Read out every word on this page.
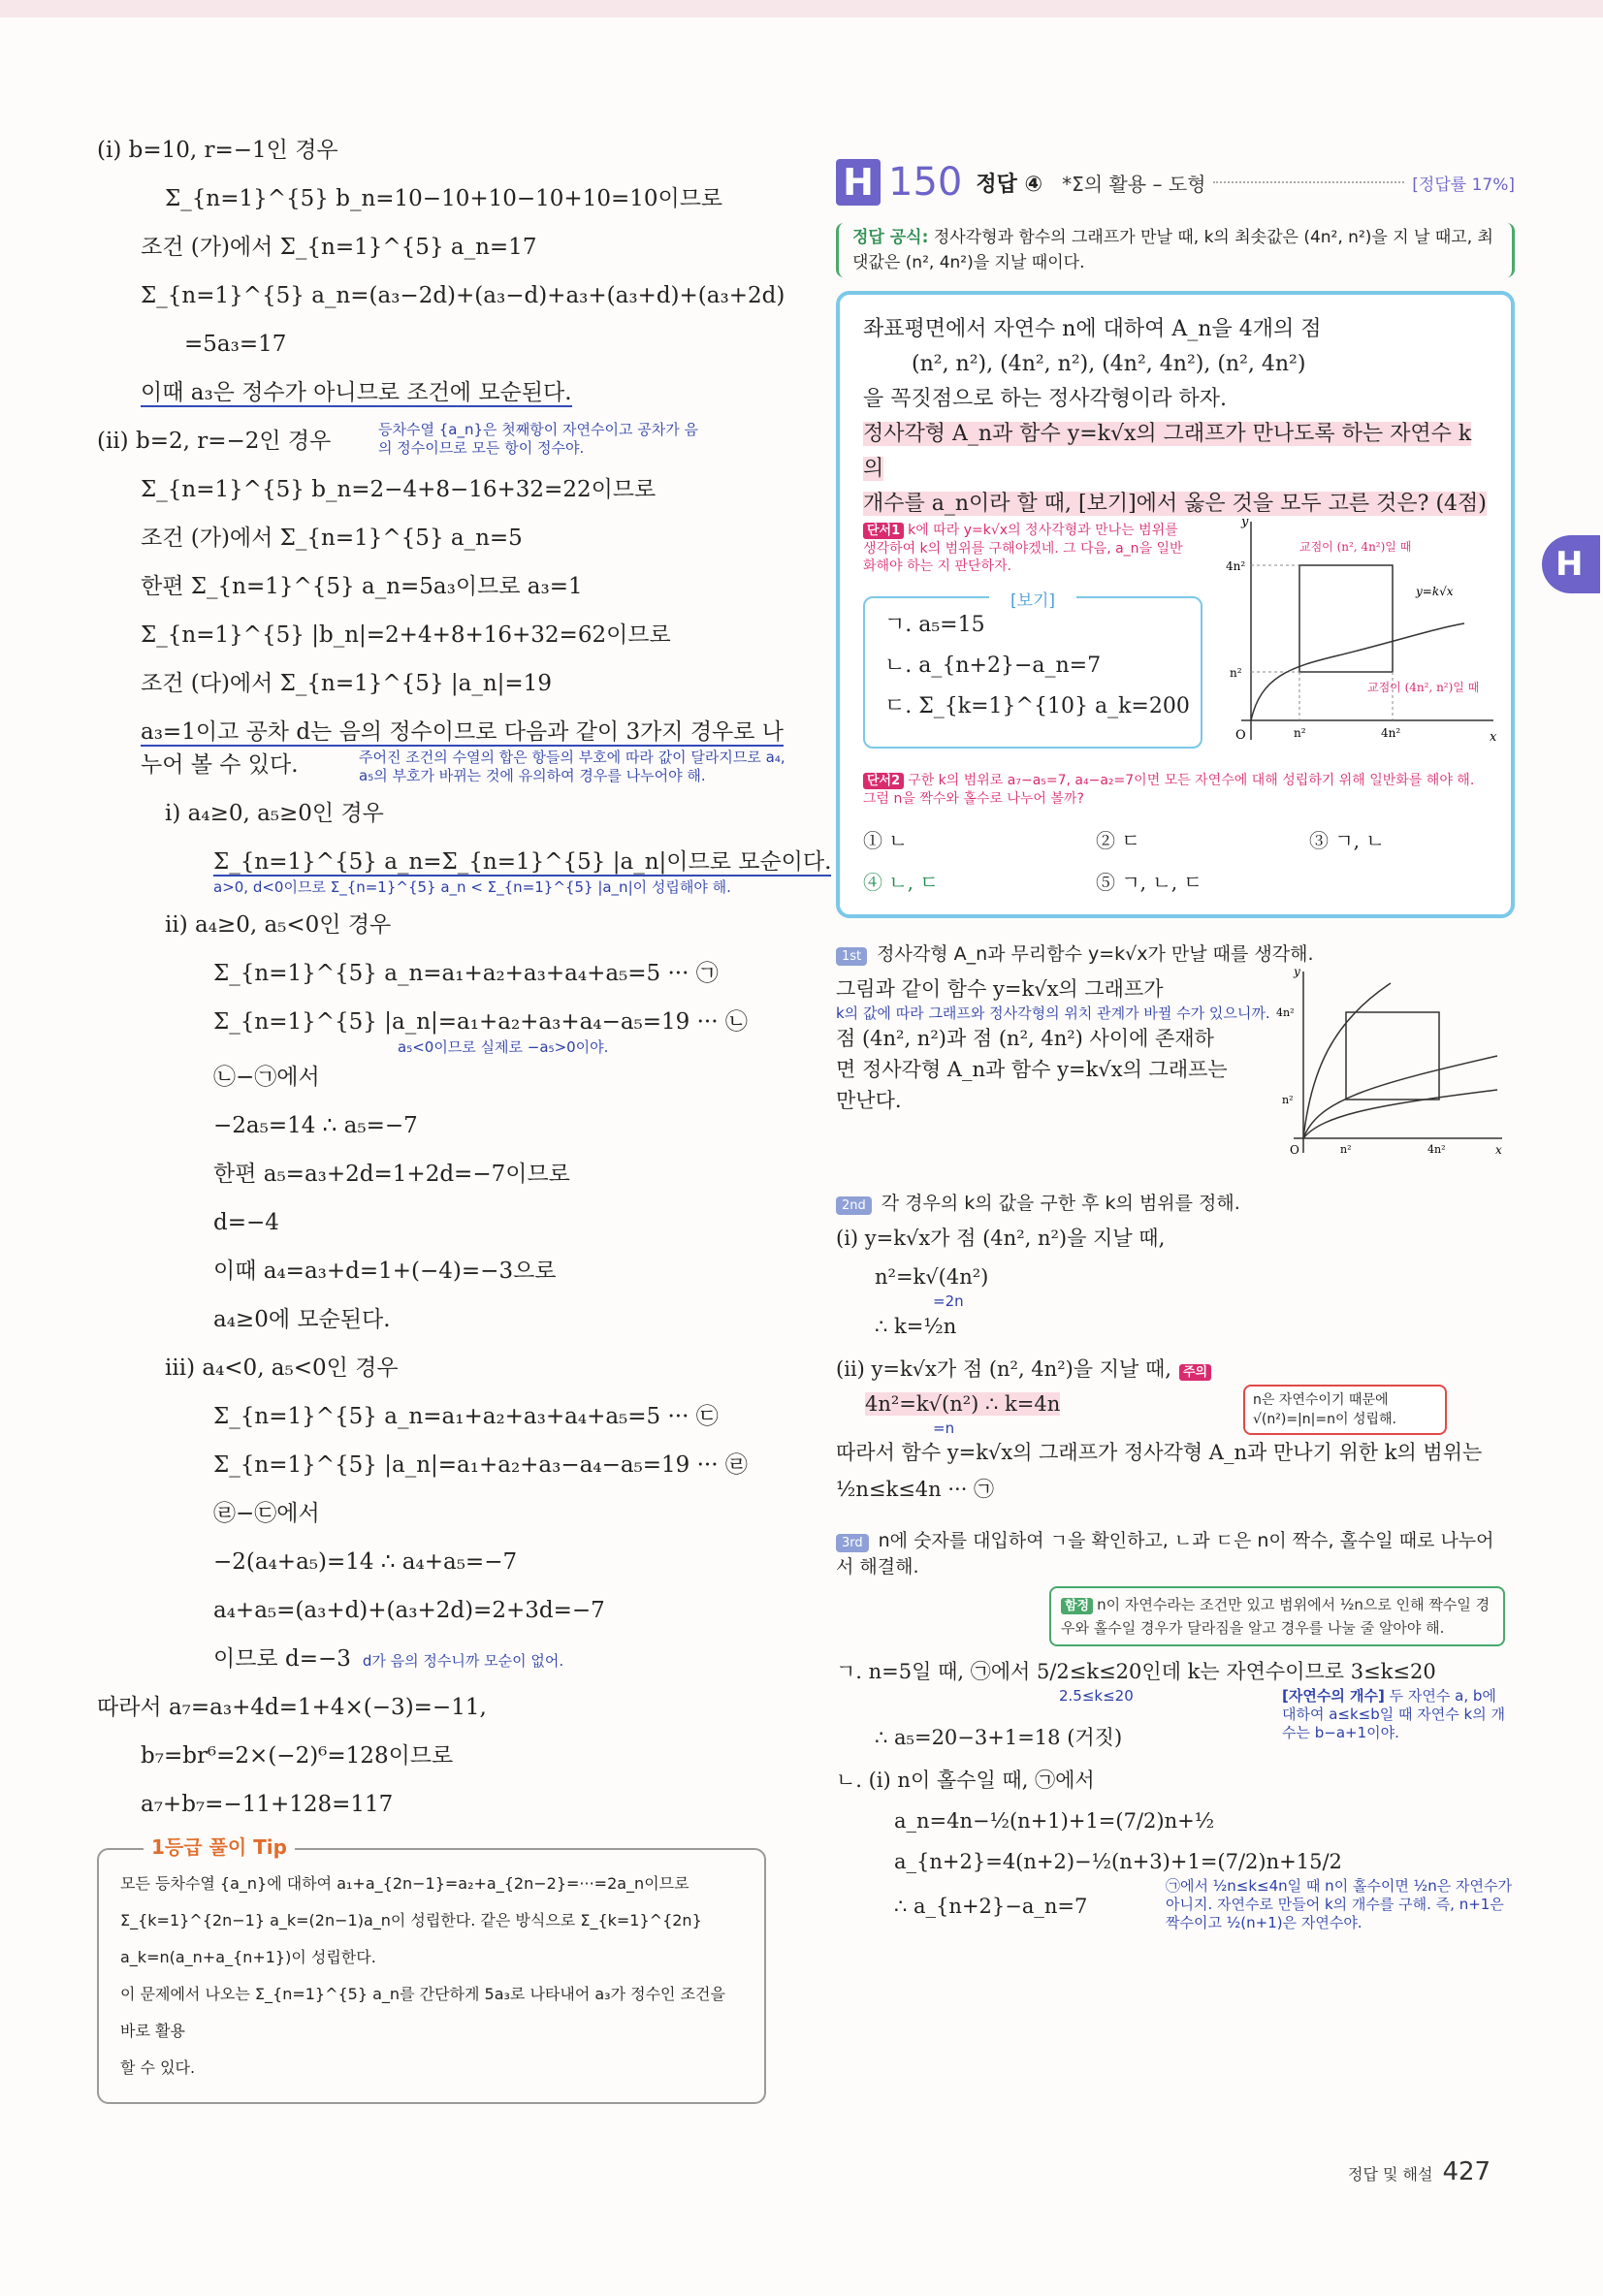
(ⅰ) b=10, r=−1인 경우
Σ_{n=1}^{5} b_n=10−10+10−10+10=10이므로
조건 (가)에서 Σ_{n=1}^{5} a_n=17
Σ_{n=1}^{5} a_n=(a₃−2d)+(a₃−d)+a₃+(a₃+d)+(a₃+2d)
=5a₃=17
이때 a₃은 정수가 아니므로 조건에 모순된다.
(ⅱ) b=2, r=−2인 경우	등차수열 {a_n}은 첫째항이 자연수이고 공차가 음의 정수이므로 모든 항이 정수야.
Σ_{n=1}^{5} b_n=2−4+8−16+32=22이므로
조건 (가)에서 Σ_{n=1}^{5} a_n=5
한편 Σ_{n=1}^{5} a_n=5a₃이므로 a₃=1
Σ_{n=1}^{5} |b_n|=2+4+8+16+32=62이므로
조건 (다)에서 Σ_{n=1}^{5} |a_n|=19
a₃=1이고 공차 d는 음의 정수이므로 다음과 같이 3가지 경우로 나
누어 볼 수 있다.	주어진 조건의 수열의 합은 항들의 부호에 따라 값이 달라지므로 a₄, a₅의 부호가 바뀌는 것에 유의하여 경우를 나누어야 해.
ⅰ) a₄≥0, a₅≥0인 경우
Σ_{n=1}^{5} a_n=Σ_{n=1}^{5} |a_n|이므로 모순이다.
a>0, d<0이므로 Σ_{n=1}^{5} a_n < Σ_{n=1}^{5} |a_n|이 성립해야 해.
ⅱ) a₄≥0, a₅<0인 경우
Σ_{n=1}^{5} a_n=a₁+a₂+a₃+a₄+a₅=5 ··· ㉠
Σ_{n=1}^{5} |a_n|=a₁+a₂+a₃+a₄−a₅=19 ··· ㉡
a₅<0이므로 실제로 −a₅>0이야.
㉡−㉠에서
−2a₅=14 ∴ a₅=−7
한편 a₅=a₃+2d=1+2d=−7이므로
d=−4
이때 a₄=a₃+d=1+(−4)=−3으로
a₄≥0에 모순된다.
ⅲ) a₄<0, a₅<0인 경우
Σ_{n=1}^{5} a_n=a₁+a₂+a₃+a₄+a₅=5 ··· ㉢
Σ_{n=1}^{5} |a_n|=a₁+a₂+a₃−a₄−a₅=19 ··· ㉣
㉣−㉢에서
−2(a₄+a₅)=14 ∴ a₄+a₅=−7
a₄+a₅=(a₃+d)+(a₃+2d)=2+3d=−7
이므로 d=−3 d가 음의 정수니까 모순이 없어.
따라서 a₇=a₃+4d=1+4×(−3)=−11,
b₇=br⁶=2×(−2)⁶=128이므로
a₇+b₇=−11+128=117
1등급 풀이 Tip
모든 등차수열 {a_n}에 대하여 a₁+a_{2n−1}=a₂+a_{2n−2}=···=2a_n이므로
Σ_{k=1}^{2n−1} a_k=(2n−1)a_n이 성립한다. 같은 방식으로 Σ_{k=1}^{2n} a_k=n(a_n+a_{n+1})이 성립한다.
이 문제에서 나오는 Σ_{n=1}^{5} a_n를 간단하게 5a₃로 나타내어 a₃가 정수인 조건을 바로 활용
할 수 있다.
H 150 정답 ④ *Σ의 활용 – 도형	[정답률 17%]
정답 공식: 정사각형과 함수의 그래프가 만날 때, k의 최솟값은 (4n², n²)을 지 날 때고, 최댓값은 (n², 4n²)을 지날 때이다.
좌표평면에서 자연수 n에 대하여 A_n을 4개의 점
(n², n²), (4n², n²), (4n², 4n²), (n², 4n²)
을 꼭짓점으로 하는 정사각형이라 하자.
정사각형 A_n과 함수 y=k√x의 그래프가 만나도록 하는 자연수 k의
개수를 a_n이라 할 때, [보기]에서 옳은 것을 모두 고른 것은? (4점)
단서1 k에 따라 y=k√x의 정사각형과 만나는 범위를 생각하여 k의 범위를 구해야겠네. 그 다음, a_n을 일반화해야 하는 지 판단하자.
[보기]
ㄱ. a₅=15
ㄴ. a_{n+2}−a_n=7
ㄷ. Σ_{k=1}^{10} a_k=200
x
y
O
4n²
n²
n²	4n²
y=k√x
교점이 (n², 4n²)일 때
교점이 (4n², n²)일 때
단서2 구한 k의 범위로 a₇−a₅=7, a₄−a₂=7이면 모든 자연수에 대해 성립하기 위해 일반화를 해야 해. 그럼 n을 짝수와 홀수로 나누어 볼까?
① ㄴ	② ㄷ	③ ㄱ, ㄴ
④ ㄴ, ㄷ	⑤ ㄱ, ㄴ, ㄷ
1st 정사각형 A_n과 무리함수 y=k√x가 만날 때를 생각해.
그림과 같이 함수 y=k√x의 그래프가
k의 값에 따라 그래프와 정사각형의 위치 관계가 바뀔 수가 있으니까.
점 (4n², n²)과 점 (n², 4n²) 사이에 존재하
면 정사각형 A_n과 함수 y=k√x의 그래프는
만난다.
x
y
O
4n²
n²
n²	4n²
2nd 각 경우의 k의 값을 구한 후 k의 범위를 정해.
(ⅰ) y=k√x가 점 (4n², n²)을 지날 때,
n²=k√(4n²)
=2n
∴ k=½n
(ⅱ) y=k√x가 점 (n², 4n²)을 지날 때, 주의
4n²=k√(n²) ∴ k=4n
=n
n은 자연수이기 때문에 √(n²)=|n|=n이 성립해.
따라서 함수 y=k√x의 그래프가 정사각형 A_n과 만나기 위한 k의 범위는
½n≤k≤4n ··· ㉠
3rd n에 숫자를 대입하여 ㄱ을 확인하고, ㄴ과 ㄷ은 n이 짝수, 홀수일 때로 나누어서 해결해.
함정 n이 자연수라는 조건만 있고 범위에서 ½n으로 인해 짝수일 경우와 홀수일 경우가 달라짐을 알고 경우를 나눌 줄 알아야 해.
ㄱ. n=5일 때, ㉠에서 5/2≤k≤20인데 k는 자연수이므로 3≤k≤20
2.5≤k≤20	[자연수의 개수] 두 자연수 a, b에 대하여 a≤k≤b일 때 자연수 k의 개수는 b−a+1이야.
∴ a₅=20−3+1=18 (거짓)
ㄴ. (ⅰ) n이 홀수일 때, ㉠에서
a_n=4n−½(n+1)+1=(7/2)n+½
a_{n+2}=4(n+2)−½(n+3)+1=(7/2)n+15/2
∴ a_{n+2}−a_n=7
㉠에서 ½n≤k≤4n일 때 n이 홀수이면 ½n은 자연수가 아니지. 자연수로 만들어 k의 개수를 구해. 즉, n+1은 짝수이고 ½(n+1)은 자연수야.
H
정답 및 해설 427
